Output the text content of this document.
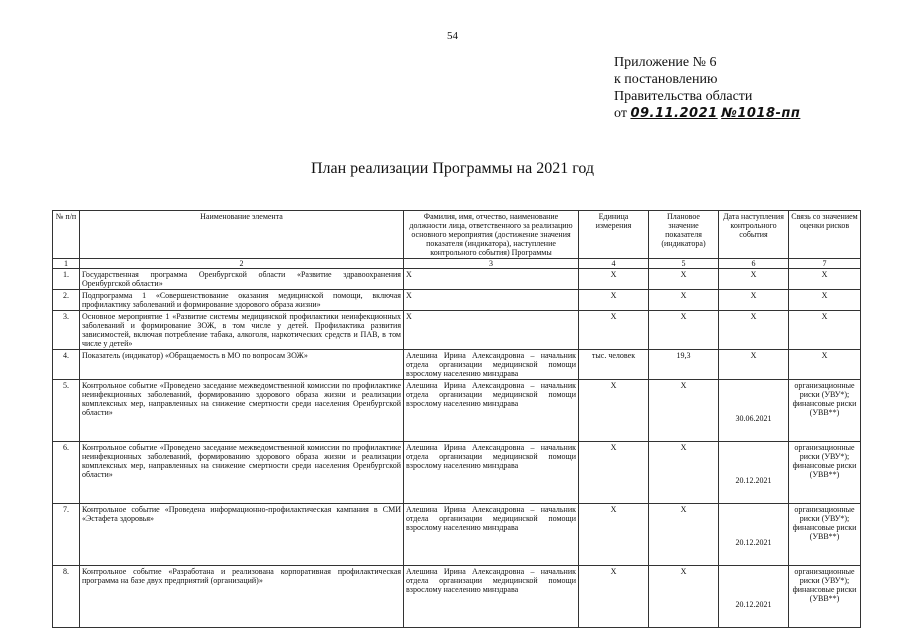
54
Приложение № 6
к постановлению
Правительства области
от 09.11.2021 №1018-пп
План реализации Программы на 2021 год
№ п/п	Наименование элемента	Фамилия, имя, отчество, наименование должности лица, ответственного за реализацию основного мероприятия (достижение значения показателя (индикатора), наступление контрольного события) Программы	Единица измерения	Плановое значение показателя (индикатора)	Дата наступления контрольного события	Связь со значением оценки рисков
1	2	3	4	5	6	7
1.	Государственная программа Оренбургской области «Развитие здравоохранения Оренбургской области»	X	X	X	X	X
2.	Подпрограмма 1 «Совершенствование оказания медицинской помощи, включая профилактику заболеваний и формирование здорового образа жизни»	X	X	X	X	X
3.	Основное мероприятие 1 «Развитие системы медицинской профилактики неинфекционных заболеваний и формирование ЗОЖ, в том числе у детей. Профилактика развития зависимостей, включая потребление табака, алкоголя, наркотических средств и ПАВ, в том числе у детей»	X	X	X	X	X
4.	Показатель (индикатор) «Обращаемость в МО по вопросам ЗОЖ»	Алешина Ирина Александровна – начальник отдела организации медицинской помощи взрослому населению минздрава	тыс. человек	19,3	X	X
5.	Контрольное событие «Проведено заседание межведомственной комиссии по профилактике неинфекционных заболеваний, формированию здорового образа жизни и реализации комплексных мер, направленных на снижение смертности среди населения Оренбургской области»	Алешина Ирина Александровна – начальник отдела организации медицинской помощи взрослому населению минздрава	X	X	30.06.2021	организационные риски (УВУ*); финансовые риски (УВВ**)
6.	Контрольное событие «Проведено заседание межведомственной комиссии по профилактике неинфекционных заболеваний, формированию здорового образа жизни и реализации комплексных мер, направленных на снижение смертности среди населения Оренбургской области»	Алешина Ирина Александровна – начальник отдела организации медицинской помощи взрослому населению минздрава	X	X	20.12.2021	организационные риски (УВУ*); финансовые риски (УВВ**)
7.	Контрольное событие «Проведена информационно-профилактическая кампания в СМИ «Эстафета здоровья»	Алешина Ирина Александровна – начальник отдела организации медицинской помощи взрослому населению минздрава	X	X	20.12.2021	организационные риски (УВУ*); финансовые риски (УВВ**)
8.	Контрольное событие «Разработана и реализована корпоративная профилактическая программа на базе двух предприятий (организаций)»	Алешина Ирина Александровна – начальник отдела организации медицинской помощи взрослому населению минздрава	X	X	20.12.2021	организационные риски (УВУ*); финансовые риски (УВВ**)
